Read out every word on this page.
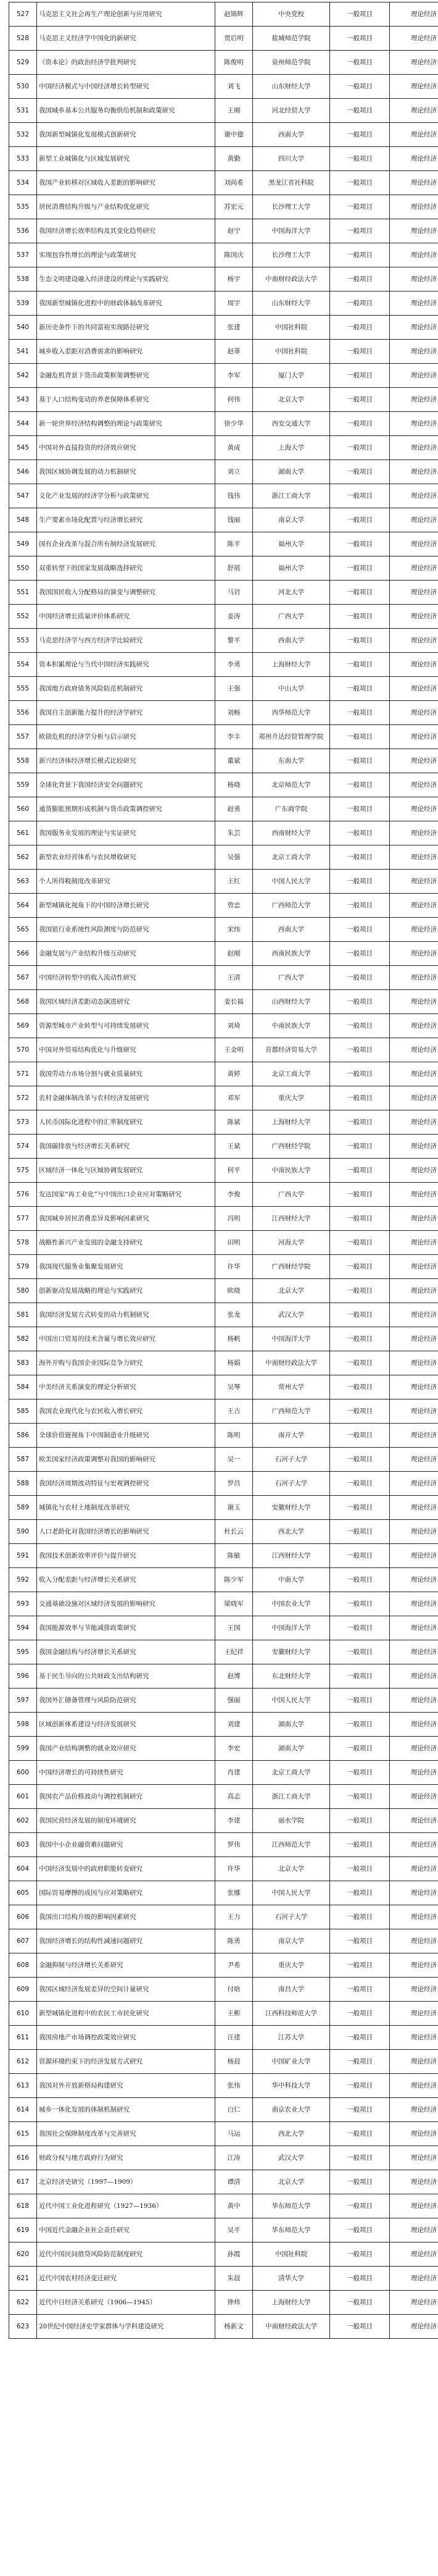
527	马克思主义社会再生产理论创新与应用研究	赵锦辉	中央党校	一般项目	理论经济
528	马克思主义经济学中国化的新研究	贾后明	盐城师范学院	一般项目	理论经济
529	《资本论》的政治经济学批判研究	陈俊明	泉州师范学院	一般项目	理论经济
530	中国经济模式与中国经济增长转型研究	刘飞	山东财经大学	一般项目	理论经济
531	我国城乡基本公共服务均衡供给机制和政策研究	王刚	河北经贸大学	一般项目	理论经济
532	我国新型城镇化发展模式创新研究	谢中德	西南大学	一般项目	理论经济
533	新型工业城镇化与区域发展研究	黄勤	四川大学	一般项目	理论经济
534	我国产业转移对区域收入差距的影响研究	刘尚希	黑龙江省社科院	一般项目	理论经济
535	居民消费结构升级与产业结构优化研究	苏宏元	长沙理工大学	一般项目	理论经济
536	我国经济增长效率结构及其变化趋势研究	赵宁	中国海洋大学	一般项目	理论经济
537	实现包容性增长的理论与政策研究	陈国庆	长沙理工大学	一般项目	理论经济
538	生态文明建设融入经济建设的理论与实践研究	杨宇	中南财经政法大学	一般项目	理论经济
539	我国新型城镇化进程中的财政体制改革研究	周宇	山东财经大学	一般项目	理论经济
540	新历史条件下的共同富裕实现路径研究	张建	中国社科院	一般项目	理论经济
541	城乡收入差距对消费需求的影响研究	赵菲	中国社科院	一般项目	理论经济
542	金融危机背景下货币政策框架调整研究	李军	厦门大学	一般项目	理论经济
543	基于人口结构变动的养老保障体系研究	何伟	北京大学	一般项目	理论经济
544	新一轮世界经济结构调整的理论与政策研究	徐少华	西安交通大学	一般项目	理论经济
545	中国对外直接投资的经济效应研究	黄成	上海大学	一般项目	理论经济
546	我国区域协调发展的动力机制研究	刘立	湖南大学	一般项目	理论经济
547	文化产业发展的经济学分析与政策研究	钱伟	浙江工商大学	一般项目	理论经济
548	生产要素市场化配置与经济增长研究	钱丽	南京大学	一般项目	理论经济
549	国有企业改革与混合所有制经济发展研究	陈平	福州大学	一般项目	理论经济
550	双重转型下的国家发展战略选择研究	舒展	福州大学	一般项目	理论经济
551	我国国民收入分配格局的演变与调整研究	马岩	河北大学	一般项目	理论经济
552	中国经济增长质量评价体系研究	姜涛	广西大学	一般项目	理论经济
553	马克思经济学与西方经济学比较研究	黎平	西南大学	一般项目	理论经济
554	资本积累理论与当代中国经济实践研究	李勇	上海财经大学	一般项目	理论经济
555	我国地方政府债务风险防范机制研究	王强	中山大学	一般项目	理论经济
556	我国自主创新能力提升的经济学研究	刘畅	西华师范大学	一般项目	理论经济
557	欧债危机的经济学分析与启示研究	李丰	郑州升达经贸管理学院	一般项目	理论经济
558	新兴经济体经济增长模式比较研究	董斌	东南大学	一般项目	理论经济
559	全球化背景下我国经济安全问题研究	杨晓	北京师范大学	一般项目	理论经济
560	通货膨胀预期形成机制与货币政策调控研究	赵勇	广东商学院	一般项目	理论经济
561	我国服务业发展的理论与实证研究	朱芸	西南财经大学	一般项目	理论经济
562	新型农业经营体系与农民增收研究	吴强	北京工商大学	一般项目	理论经济
563	个人所得税制度改革研究	王红	中国人民大学	一般项目	理论经济
564	新型城镇化视角下的中国经济增长研究	曾忠	广西师范大学	一般项目	理论经济
565	我国银行业系统性风险测度与防范研究	宋纬	西南大学	一般项目	理论经济
566	金融发展与产业结构升级互动研究	赵刚	西南民族大学	一般项目	理论经济
567	中国经济转型中的收入流动性研究	王清	广西大学	一般项目	理论经济
568	我国区域经济差距动态演进研究	姜长福	山西财经大学	一般项目	理论经济
569	资源型城市产业转型与可持续发展研究	刘琦	中南民族大学	一般项目	理论经济
570	中国对外贸易结构优化与升级研究	王金明	首都经济贸易大学	一般项目	理论经济
571	我国劳动力市场分割与就业质量研究	黄婷	北京工商大学	一般项目	理论经济
572	农村金融体制改革与农村经济发展研究	邓军	重庆大学	一般项目	理论经济
573	人民币国际化进程中的汇率制度研究	陈斌	上海财经大学	一般项目	理论经济
574	我国碳排放与经济增长关系研究	王斌	广西财经学院	一般项目	理论经济
575	区域经济一体化与区域协调发展研究	何平	中南民族大学	一般项目	理论经济
576	发达国家“再工业化”与中国出口企业应对策略研究	李俊	广西大学	一般项目	理论经济
577	我国城乡居民消费差异及影响因素研究	冯明	江西财经大学	一般项目	理论经济
578	战略性新兴产业发展的金融支持研究	田明	河海大学	一般项目	理论经济
579	我国现代服务业集聚发展研究	许华	广西财经学院	一般项目	理论经济
580	创新驱动发展战略的理论与实践研究	欧晓	北京大学	一般项目	理论经济
581	我国经济发展方式转变的动力机制研究	张龙	武汉大学	一般项目	理论经济
582	中国出口贸易的技术含量与增长效应研究	杨帆	中国海洋大学	一般项目	理论经济
583	海外并购与我国企业国际竞争力研究	杨娟	中南财经政法大学	一般项目	理论经济
584	中美经济关系演变的理论分析研究	吴琴	常州大学	一般项目	理论经济
585	我国农业现代化与农民收入增长研究	王吉	广西师范大学	一般项目	理论经济
586	全球价值链视角下中国制造业升级研究	陈明	南开大学	一般项目	理论经济
587	欧美国家经济政策调整对我国的影响研究	吴一	石河子大学	一般项目	理论经济
588	我国经济周期波动特征与宏观调控研究	罗昌	石河子大学	一般项目	理论经济
589	城镇化与农村土地制度改革研究	谢玉	安徽财经大学	一般项目	理论经济
590	人口老龄化对我国经济增长的影响研究	杜长云	西北大学	一般项目	理论经济
591	我国技术创新效率评价与提升研究	陈敏	江西财经大学	一般项目	理论经济
592	收入分配差距与经济增长关系研究	陈少军	中南大学	一般项目	理论经济
593	交通基础设施对区域经济发展的影响研究	梁晓军	中国农业大学	一般项目	理论经济
594	我国能源效率与节能减排政策研究	王国	中国海洋大学	一般项目	理论经济
595	我国金融结构与经济增长关系研究	王纪祥	安徽财经大学	一般项目	理论经济
596	基于民生导向的公共财政支出结构研究	赵博	东北财经大学	一般项目	理论经济
597	我国外汇储备管理与风险防范研究	强丽	中国人民大学	一般项目	理论经济
598	区域创新体系建设与经济发展研究	刘建	湖南大学	一般项目	理论经济
599	我国产业结构调整的就业效应研究	李宏	湖南大学	一般项目	理论经济
600	中国经济增长的可持续性研究	肖建	北京工商大学	一般项目	理论经济
601	我国农产品价格波动与调控机制研究	高志	浙江工商大学	一般项目	理论经济
602	我国民营经济发展的制度环境研究	李建	丽水学院	一般项目	理论经济
603	我国中小企业融资难问题研究	罗伟	江西师范大学	一般项目	理论经济
604	中国经济发展中的政府职能转变研究	许华	北京大学	一般项目	理论经济
605	国际贸易摩擦的成因与应对策略研究	张娜	中国人民大学	一般项目	理论经济
606	我国出口结构升级的影响因素研究	王力	石河子大学	一般项目	理论经济
607	我国经济增长的结构性减速问题研究	陈勇	南京大学	一般项目	理论经济
608	金融抑制与经济增长关系研究	尹希	重庆大学	一般项目	理论经济
609	我国区域经济发展差异的空间计量研究	付晗	南昌大学	一般项目	理论经济
610	新型城镇化进程中的农民工市民化研究	王彬	江西科技师范大学	一般项目	理论经济
611	我国房地产市场调控政策效应研究	汪建	江苏大学	一般项目	理论经济
612	资源环境约束下的经济发展方式研究	杨晨	中国矿业大学	一般项目	理论经济
613	我国对外开放新格局构建研究	张伟	华中科技大学	一般项目	理论经济
614	城乡一体化发展的体制机制研究	白仁	南京农业大学	一般项目	理论经济
615	我国社会保障制度改革与完善研究	马运	西北大学	一般项目	理论经济
616	财政分权与地方政府行为研究	江涛	武汉大学	一般项目	理论经济
617	北京经济史研究（1997—1909）	谭清	北京大学	一般项目	理论经济
618	近代中国工业化进程研究（1927—1936）	黄中	华东师范大学	一般项目	理论经济
619	中国近代金融企业社会责任研究	吴平	华东师范大学	一般项目	理论经济
620	近代中国民间借贷风险防范制度研究	孙霞	中国社科院	一般项目	理论经济
621	近代中国农村经济变迁研究	朱晨	清华大学	一般项目	理论经济
622	近代中日经济关系研究（1906—1945）	钟炜	上海财经大学	一般项目	理论经济
623	20世纪中国经济史学家群体与学科建设研究	杨新文	中南财经政法大学	一般项目	理论经济
